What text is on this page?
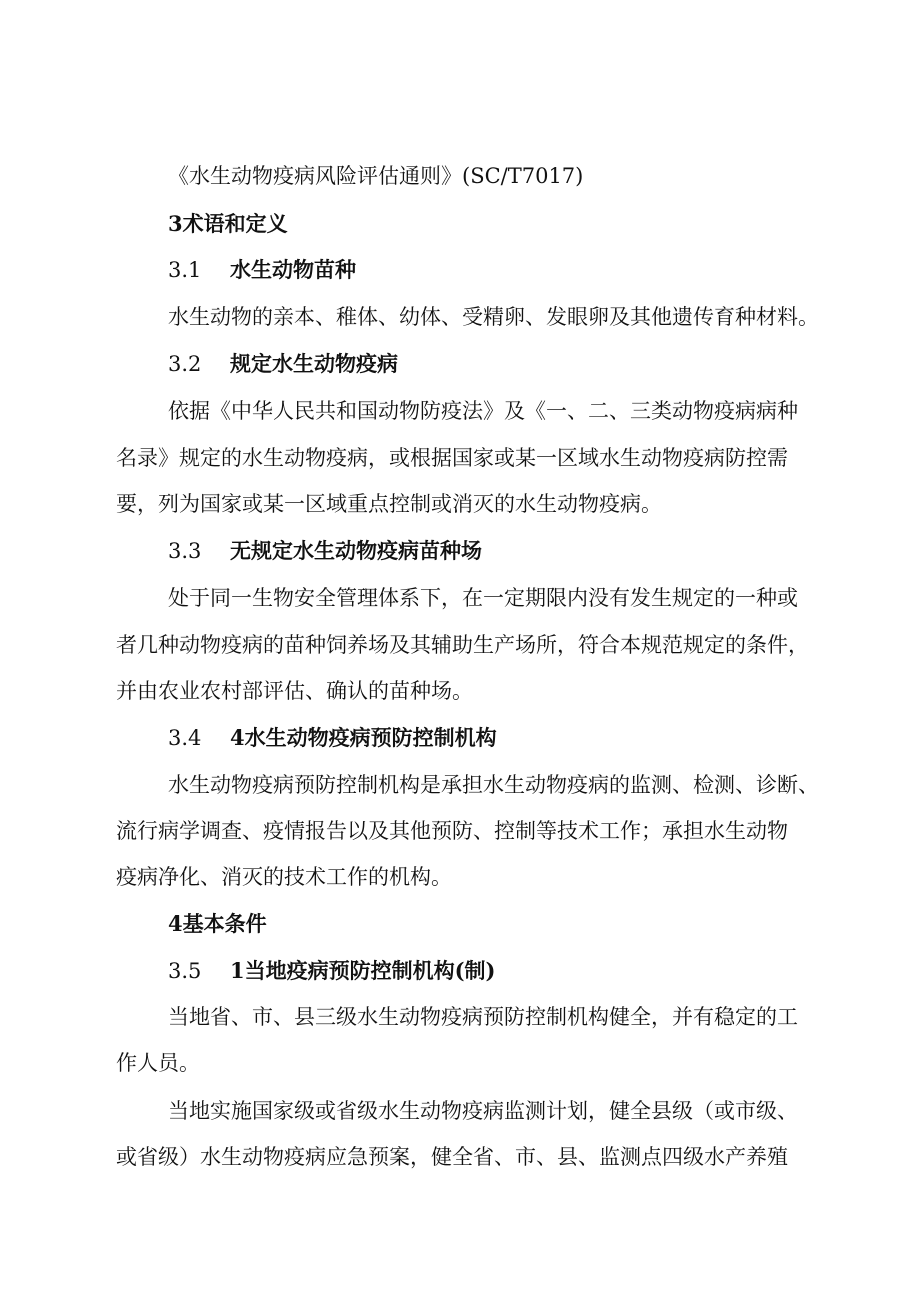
《水生动物疫病风险评估通则》(SC/T7017)
3术语和定义
3.1 水生动物苗种
水生动物的亲本、稚体、幼体、受精卵、发眼卵及其他遗传育种材料。
3.2 规定水生动物疫病
依据《中华人民共和国动物防疫法》及《一、二、三类动物疫病病种
名录》规定的水生动物疫病，或根据国家或某一区域水生动物疫病防控需
要，列为国家或某一区域重点控制或消灭的水生动物疫病。
3.3 无规定水生动物疫病苗种场
处于同一生物安全管理体系下，在一定期限内没有发生规定的一种或
者几种动物疫病的苗种饲养场及其辅助生产场所，符合本规范规定的条件，
并由农业农村部评估、确认的苗种场。
3.4 4水生动物疫病预防控制机构
水生动物疫病预防控制机构是承担水生动物疫病的监测、检测、诊断、
流行病学调查、疫情报告以及其他预防、控制等技术工作；承担水生动物
疫病净化、消灭的技术工作的机构。
4基本条件
3.5 1当地疫病预防控制机构(制)
当地省、市、县三级水生动物疫病预防控制机构健全，并有稳定的工
作人员。
当地实施国家级或省级水生动物疫病监测计划，健全县级（或市级、
或省级）水生动物疫病应急预案，健全省、市、县、监测点四级水产养殖
